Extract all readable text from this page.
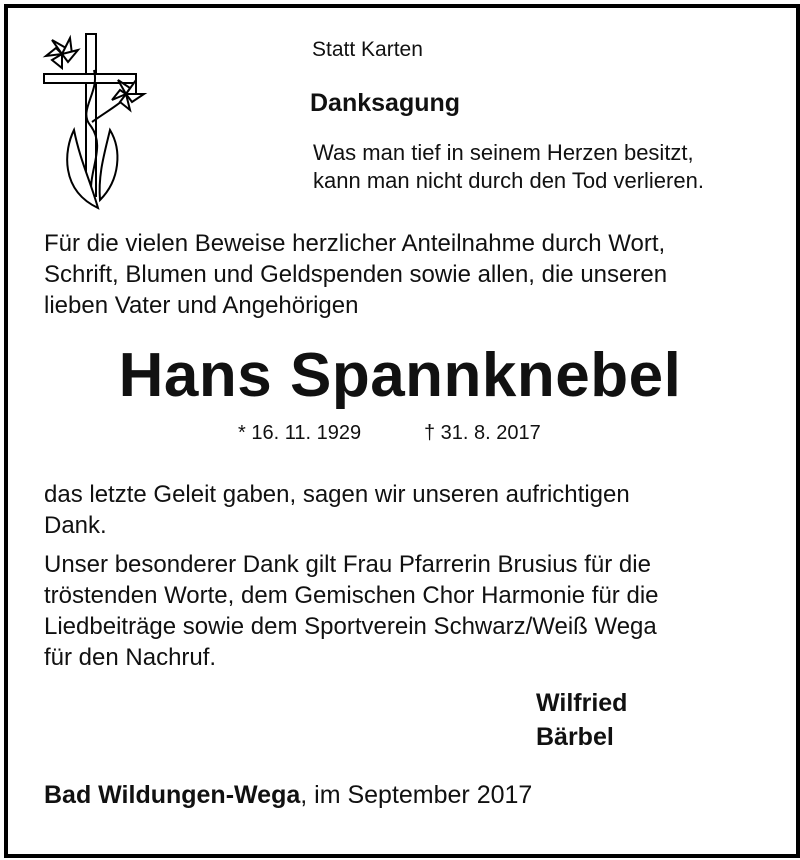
Statt Karten
Danksagung
Was man tief in seinem Herzen besitzt,
kann man nicht durch den Tod verlieren.
Für die vielen Beweise herzlicher Anteilnahme durch Wort,
Schrift, Blumen und Geldspenden sowie allen, die unseren
lieben Vater und Angehörigen
Hans Spannknebel
* 16. 11. 1929	† 31. 8. 2017
das letzte Geleit gaben, sagen wir unseren aufrichtigen
Dank.
Unser besonderer Dank gilt Frau Pfarrerin Brusius für die
tröstenden Worte, dem Gemischen Chor Harmonie für die
Liedbeiträge sowie dem Sportverein Schwarz/Weiß Wega
für den Nachruf.
Wilfried
Bärbel
Bad Wildungen-Wega, im September 2017
